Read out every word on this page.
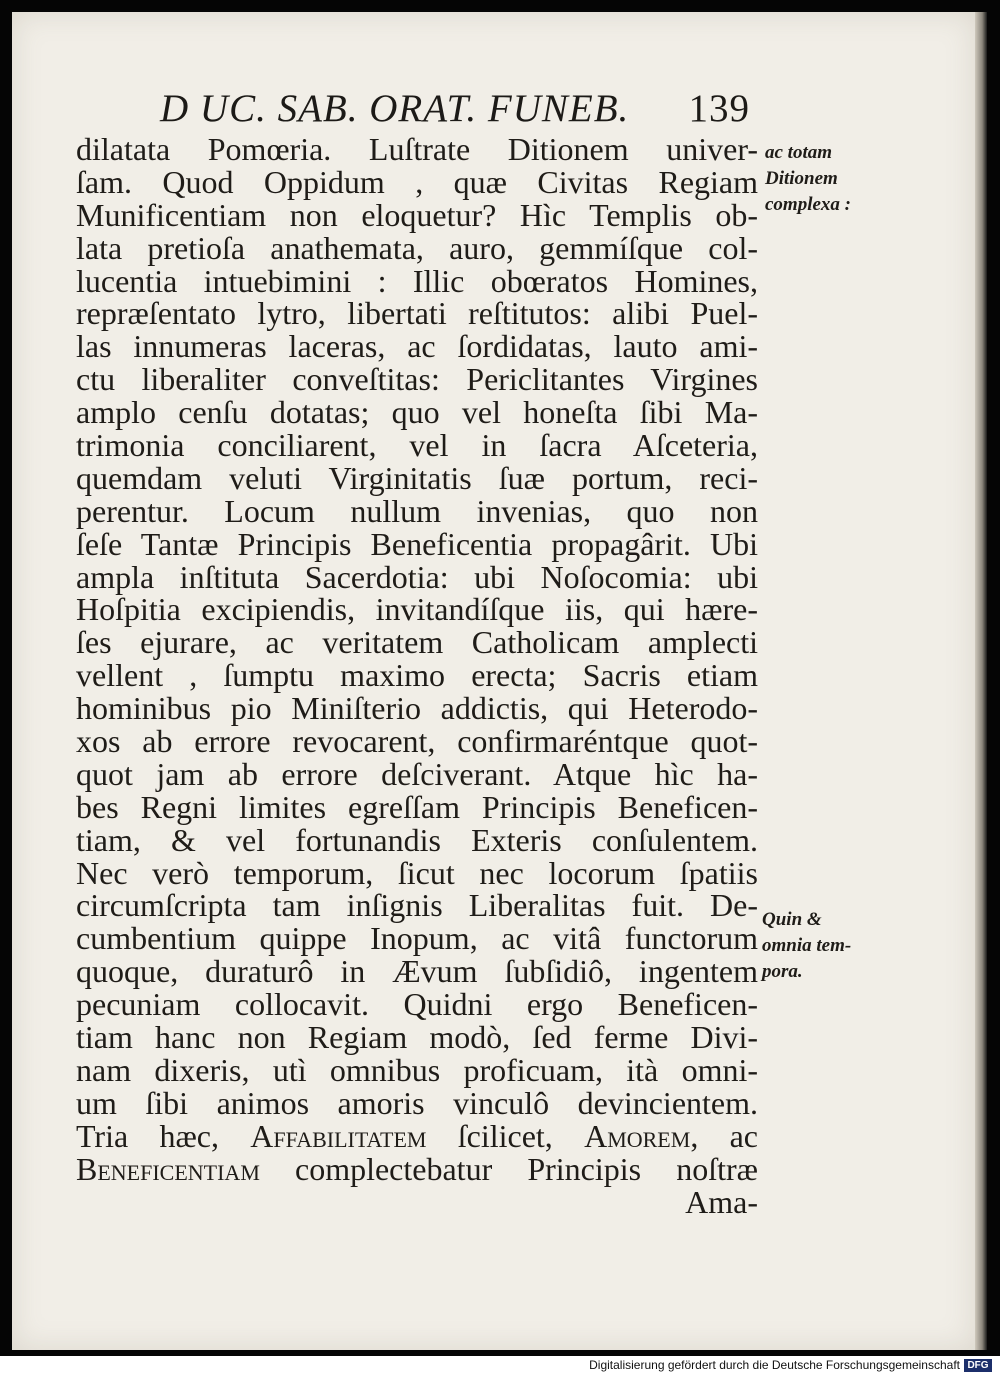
D UC. SAB. ORAT. FUNEB. 139
dilatata Pomœria. Luſtrate Ditionem univer-
ſam. Quod Oppidum , quæ Civitas Regiam
Munificentiam non eloquetur? Hìc Templis ob-
lata pretioſa anathemata, auro, gemmíſque col-
lucentia intuebimini : Illic obœratos Homines,
repræſentato lytro, libertati reſtitutos: alibi Puel-
las innumeras laceras, ac ſordidatas, lauto ami-
ctu liberaliter conveſtitas: Periclitantes Virgines
amplo cenſu dotatas; quo vel honeſta ſibi Ma-
trimonia conciliarent, vel in ſacra Aſceteria,
quemdam veluti Virginitatis ſuæ portum, reci-
perentur. Locum nullum invenias, quo non
ſeſe Tantæ Principis Beneficentia propagârit. Ubi
ampla inſtituta Sacerdotia: ubi Noſocomia: ubi
Hoſpitia excipiendis, invitandíſque iis, qui hære-
ſes ejurare, ac veritatem Catholicam amplecti
vellent , ſumptu maximo erecta; Sacris etiam
hominibus pio Miniſterio addictis, qui Heterodo-
xos ab errore revocarent, confirmaréntque quot-
quot jam ab errore deſciverant. Atque hìc ha-
bes Regni limites egreſſam Principis Beneficen-
tiam, & vel fortunandis Exteris conſulentem.
Nec verò temporum, ſicut nec locorum ſpatiis
circumſcripta tam inſignis Liberalitas fuit. De-
cumbentium quippe Inopum, ac vitâ functorum
quoque, duraturô in Ævum ſubſidiô, ingentem
pecuniam collocavit. Quidni ergo Beneficen-
tiam hanc non Regiam modò, ſed ferme Divi-
nam dixeris, utì omnibus proficuam, ità omni-
um ſibi animos amoris vinculô devincientem.
Tria hæc, Affabilitatem ſcilicet, Amorem, ac
Beneficentiam complectebatur Principis noſtræ
Ama-
ac totam
Ditionem
complexa :
Quin &
omnia tem-
pora.
Digitalisierung gefördert durch die Deutsche Forschungsgemeinschaft DFG
